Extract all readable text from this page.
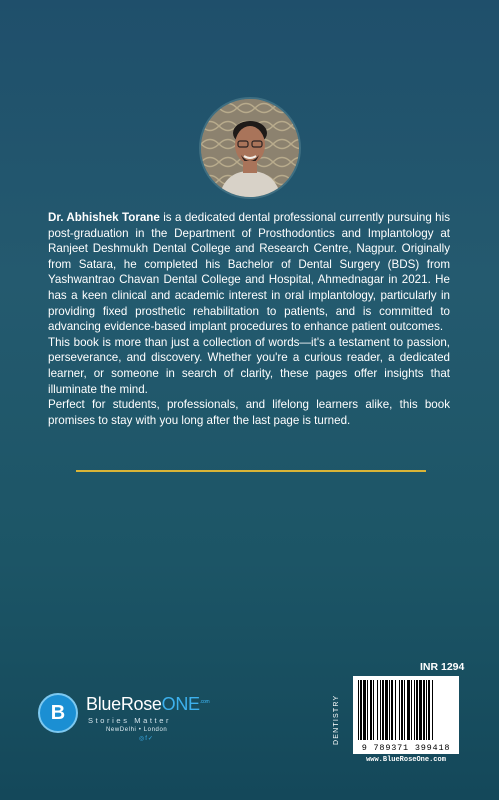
Dr. Abhishek Torane is a dedicated dental professional currently pursuing his post-graduation in the Department of Prosthodontics and Implantology at Ranjeet Deshmukh Dental College and Research Centre, Nagpur. Originally from Satara, he completed his Bachelor of Dental Surgery (BDS) from Yashwantrao Chavan Dental College and Hospital, Ahmednagar in 2021. He has a keen clinical and academic interest in oral implantology, particularly in providing fixed prosthetic rehabilitation to patients, and is committed to advancing evidence-based implant procedures to enhance patient outcomes.

This book is more than just a collection of words—it's a testament to passion, perseverance, and discovery. Whether you're a curious reader, a dedicated learner, or someone in search of clarity, these pages offer insights that illuminate the mind.

Perfect for students, professionals, and lifelong learners alike, this book promises to stay with you long after the last page is turned.

B	BlueRoseONE$^{.com}$
Stories Matter
NewDelhi • London
◎f✓
INR 1294
DENTISTRY
9 789371 399418
www.BlueRoseOne.com
